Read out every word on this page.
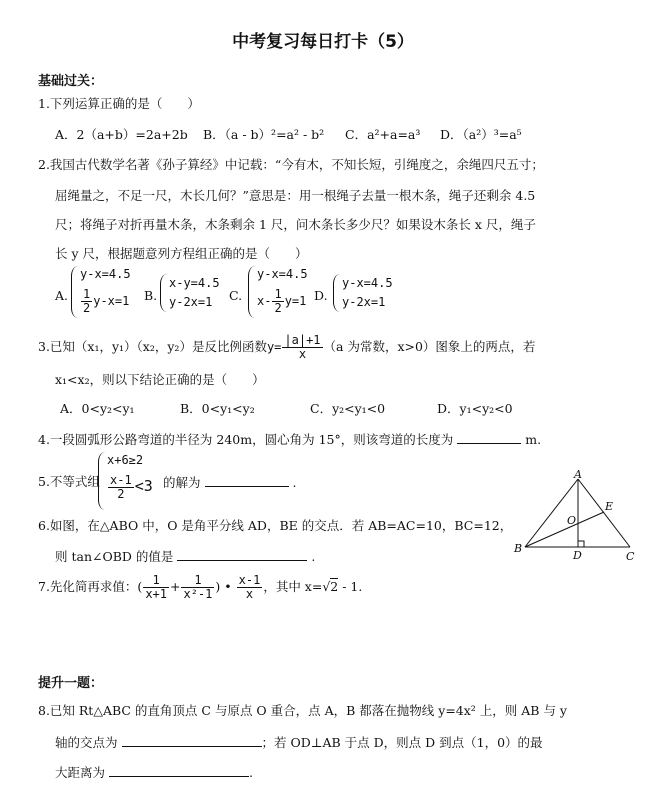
中考复习每日打卡（5）
基础过关：
1.下列运算正确的是（　　）
A．2（a+b）=2a+2b B．（a - b）²=a² - b² C．a²+a=a³ D．（a²）³=a⁵
2.我国古代数学名著《孙子算经》中记载：“今有木，不知长短，引绳度之，余绳四尺五寸；
屈绳量之，不足一尺，木长几何？”意思是：用一根绳子去量一根木条，绳子还剩余 4.5
尺；将绳子对折再量木条，木条剩余 1 尺，问木条长多少尺？如果设木条长 x 尺，绳子
长 y 尺，根据题意列方程组正确的是（　　）
A.
y-x=4.5
$\frac{1}{2} y-x=1$ B.
x-y=4.5
y-2x=1 C.
y-x=4.5
$x- \frac{1}{2} y=1$ D.
y-x=4.5
y-2x=1
3.已知（x₁，y₁）（x₂，y₂）是反比例函数$y= \frac{|a|+1}{x} (a$ 为常数，x>0）图象上的两点，若
x₁<x₂，则以下结论正确的是（　　）
A．0<y₂<y₁	B．0<y₁<y₂	C．y₂<y₁<0	D．y₁<y₂<0
4.一段圆弧形公路弯道的半径为 240m，圆心角为 15°，则该弯道的长度为	m.
5.不等式组
x+6≥2
$\frac{x-1}{2} <3$ 的解为	.
6.如图，在△ABO 中，O 是角平分线 AD，BE 的交点．若 AB=AC=10，BC=12，
则 tan∠OBD 的值是	.
A
B
C
D
E
O
7.先化简再求值：( $\frac{1}{x+1} + \frac{1}{\text{x²-1}}$ ) • $\frac{x-1}{x}$ ，其中 x=√2 - 1.
提升一题：
8.已知 Rt△ABC 的直角顶点 C 与原点 O 重合，点 A，B 都落在抛物线 y=4x² 上，则 AB 与 y
轴的交点为	；若 OD⊥AB 于点 D，则点 D 到点（1，0）的最
大距离为	.
